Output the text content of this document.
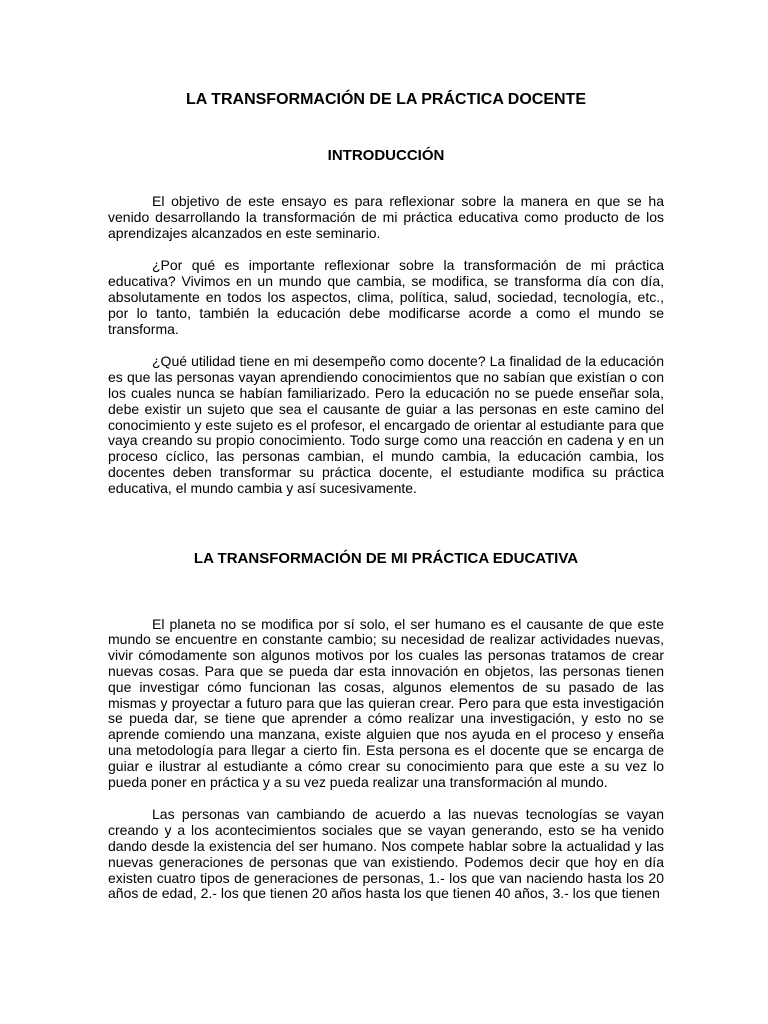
LA TRANSFORMACIÓN DE LA PRÁCTICA DOCENTE
INTRODUCCIÓN

El objetivo de este ensayo es para reflexionar sobre la manera en que se ha venido desarrollando la transformación de mi práctica educativa como producto de los aprendizajes alcanzados en este seminario.

¿Por qué es importante reflexionar sobre la transformación de mi práctica educativa? Vivimos en un mundo que cambia, se modifica, se transforma día con día, absolutamente en todos los aspectos, clima, política, salud, sociedad, tecnología, etc., por lo tanto, también la educación debe modificarse acorde a como el mundo se transforma.

¿Qué utilidad tiene en mi desempeño como docente? La finalidad de la educación es que las personas vayan aprendiendo conocimientos que no sabían que existían o con los cuales nunca se habían familiarizado. Pero la educación no se puede enseñar sola, debe existir un sujeto que sea el causante de guiar a las personas en este camino del conocimiento y este sujeto es el profesor, el encargado de orientar al estudiante para que vaya creando su propio conocimiento. Todo surge como una reacción en cadena y en un proceso cíclico, las personas cambian, el mundo cambia, la educación cambia, los docentes deben transformar su práctica docente, el estudiante modifica su práctica educativa, el mundo cambia y así sucesivamente.

LA TRANSFORMACIÓN DE MI PRÁCTICA EDUCATIVA

El planeta no se modifica por sí solo, el ser humano es el causante de que este mundo se encuentre en constante cambio; su necesidad de realizar actividades nuevas, vivir cómodamente son algunos motivos por los cuales las personas tratamos de crear nuevas cosas. Para que se pueda dar esta innovación en objetos, las personas tienen que investigar cómo funcionan las cosas, algunos elementos de su pasado de las mismas y proyectar a futuro para que las quieran crear. Pero para que esta investigación se pueda dar, se tiene que aprender a cómo realizar una investigación, y esto no se aprende comiendo una manzana, existe alguien que nos ayuda en el proceso y enseña una metodología para llegar a cierto fin. Esta persona es el docente que se encarga de guiar e ilustrar al estudiante a cómo crear su conocimiento para que este a su vez lo pueda poner en práctica y a su vez pueda realizar una transformación al mundo.

Las personas van cambiando de acuerdo a las nuevas tecnologías se vayan creando y a los acontecimientos sociales que se vayan generando, esto se ha venido dando desde la existencia del ser humano. Nos compete hablar sobre la actualidad y las nuevas generaciones de personas que van existiendo. Podemos decir que hoy en día existen cuatro tipos de generaciones de personas, 1.- los que van naciendo hasta los 20 años de edad, 2.- los que tienen 20 años hasta los que tienen 40 años, 3.- los que tienen
